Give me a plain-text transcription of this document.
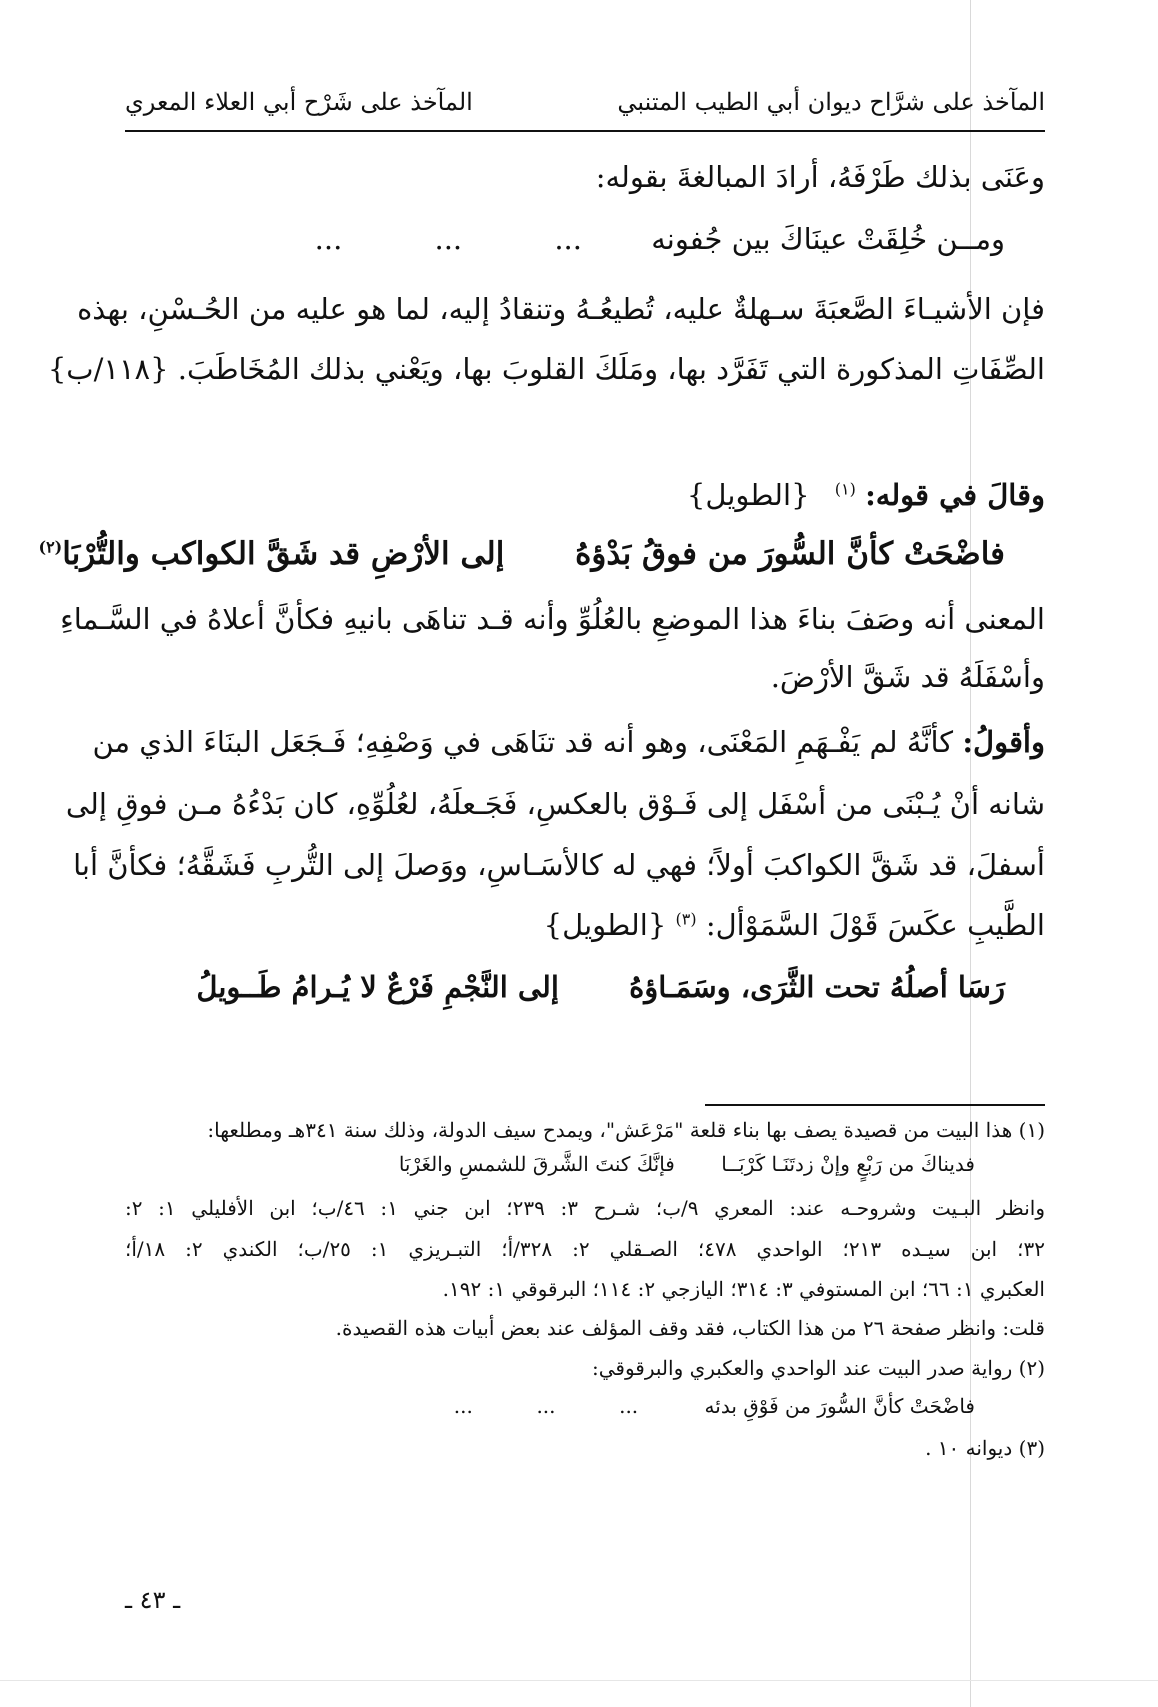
المآخذ على شرَّاح ديوان أبي الطيب المتنبي
المآخذ على شَرْح أبي العلاء المعري
وعَنَى بذلك طَرْفَهُ، أرادَ المبالغةَ بقوله:
ومــن خُلِقَتْ عينَاكَ بين جُفونه ...          ...          ...
فإن الأشيـاءَ الصَّعبَةَ سـهلةٌ عليه، تُطيعُـهُ وتنقادُ إليه، لما هو عليه من الحُـسْنِ، بهذه
الصِّفَاتِ المذكورة التي تَفَرَّد بها، ومَلَكَ القلوبَ بها، ويَعْني بذلك المُخَاطَبَ. {١١٨/ب}
وقالَ في قوله: $^{(١)}$ {الطويل}
فاضْحَتْ كأنَّ السُّورَ من فوقُ بَدْؤهُ إلى الأرْضِ قد شَقَّ الكواكب والتُّرْبَا$^{(٢)}$
المعنى أنه وصَفَ بناءَ هذا الموضعِ بالعُلُوِّ وأنه قـد تناهَى بانيهِ فكأنَّ أعلاهُ في السَّـماءِ
وأسْفَلَهُ قد شَقَّ الأرْضَ.
وأقولُ: كأنَّهُ لم يَفْـهَمِ المَعْنَى، وهو أنه قد تنَاهَى في وَصْفِهِ؛ فَـجَعَل البنَاءَ الذي من
شانه أنْ يُـبْنَى من أسْفَل إلى فَـوْق بالعكسِ، فَجَـعلَهُ، لعُلُوِّهِ، كان بَدْءُهُ مـن فوقِ إلى
أسفلَ، قد شَقَّ الكواكبَ أولاً؛ فهي له كالأسَـاسِ، ووَصلَ إلى التُّربِ فَشَقَّهُ؛ فكأنَّ أبا
الطَّيبِ عكَسَ قَوْلَ السَّمَوْأل: $^{(٣)}$ {الطويل}
رَسَا أصلُهُ تحت الثَّرَى، وسَمَـاؤهُ إلى النَّجْمِ فَرْعٌ لا يُـرامُ طَــويلُ
(١) هذا البيت من قصيدة يصف بها بناء قلعة "مَرْعَش"، ويمدح سيف الدولة، وذلك سنة ٣٤١هـ ومطلعها:
فديناكَ من رَبْعٍ وإنْ زدتَنَـا كَرْبَــا فإنَّكَ كنتَ الشَّرقَ للشمسِ والغَرْبَا
وانظر البـيت وشروحـه عند: المعري ٩/ب؛ شـرح ٣: ٢٣٩؛ ابن جني ١: ٤٦/ب؛ ابن الأفليلي ١: ٢:
٣٢؛ ابن سيـده ٢١٣؛ الواحدي ٤٧٨؛ الصـقلي ٢: ٣٢٨/أ؛ التبـريزي ١: ٢٥/ب؛ الكندي ٢: ١٨/أ؛
العكبري ١: ٦٦؛ ابن المستوفي ٣: ٣١٤؛ اليازجي ٢: ١١٤؛ البرقوقي ١: ١٩٢.
قلت: وانظر صفحة ٢٦ من هذا الكتاب، فقد وقف المؤلف عند بعض أبيات هذه القصيدة.
(٢) رواية صدر البيت عند الواحدي والعكبري والبرقوقي:
فاضْحَتْ كأنَّ السُّورَ من فَوْقِ بدئه ...          ...          ...
(٣) ديوانه ١٠ .
ـ ٤٣ ـ
